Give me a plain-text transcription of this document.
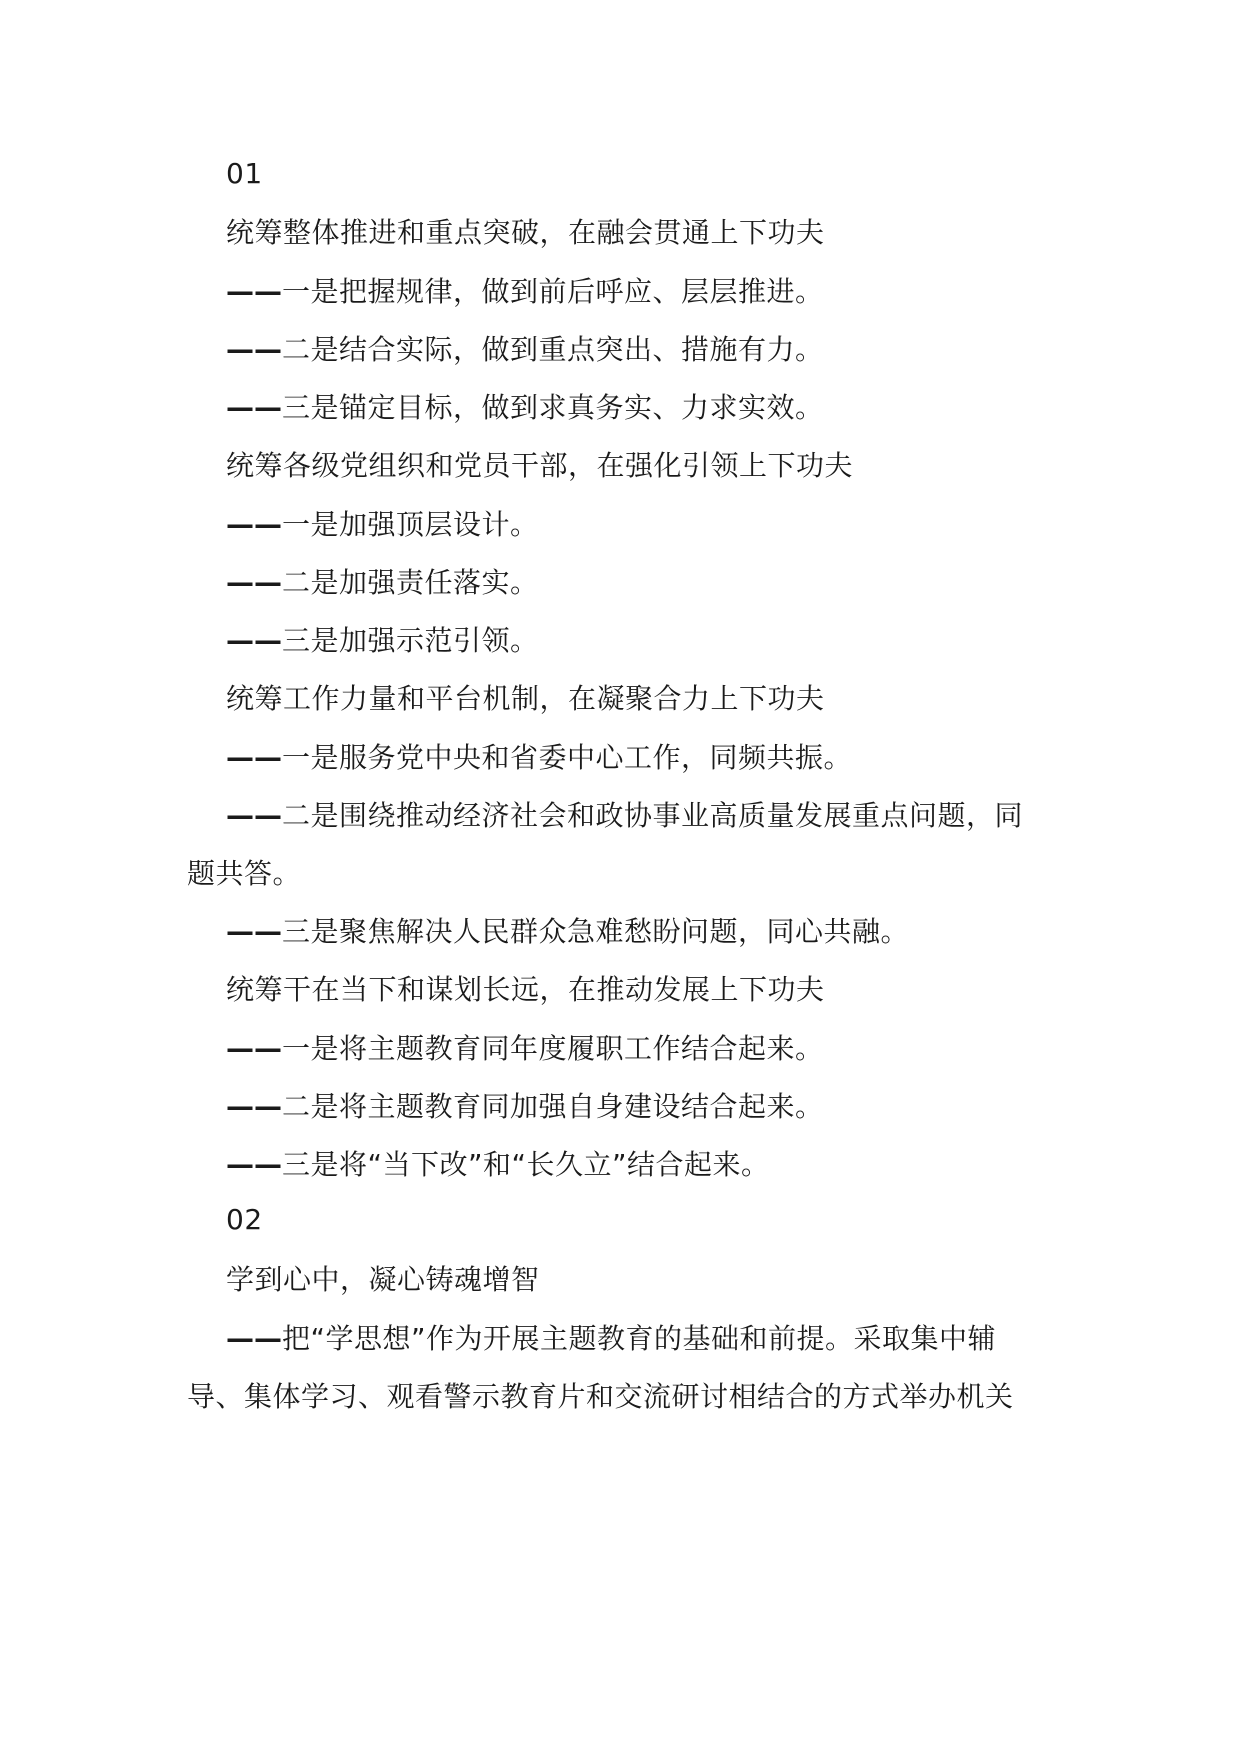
01
统筹整体推进和重点突破，在融会贯通上下功夫
——一是把握规律，做到前后呼应、层层推进。
——二是结合实际，做到重点突出、措施有力。
——三是锚定目标，做到求真务实、力求实效。
统筹各级党组织和党员干部，在强化引领上下功夫
——一是加强顶层设计。
——二是加强责任落实。
——三是加强示范引领。
统筹工作力量和平台机制，在凝聚合力上下功夫
——一是服务党中央和省委中心工作，同频共振。
——二是围绕推动经济社会和政协事业高质量发展重点问题，同
题共答。
——三是聚焦解决人民群众急难愁盼问题，同心共融。
统筹干在当下和谋划长远，在推动发展上下功夫
——一是将主题教育同年度履职工作结合起来。
——二是将主题教育同加强自身建设结合起来。
——三是将“当下改”和“长久立”结合起来。
02
学到心中，凝心铸魂增智
——把“学思想”作为开展主题教育的基础和前提。采取集中辅
导、集体学习、观看警示教育片和交流研讨相结合的方式举办机关
